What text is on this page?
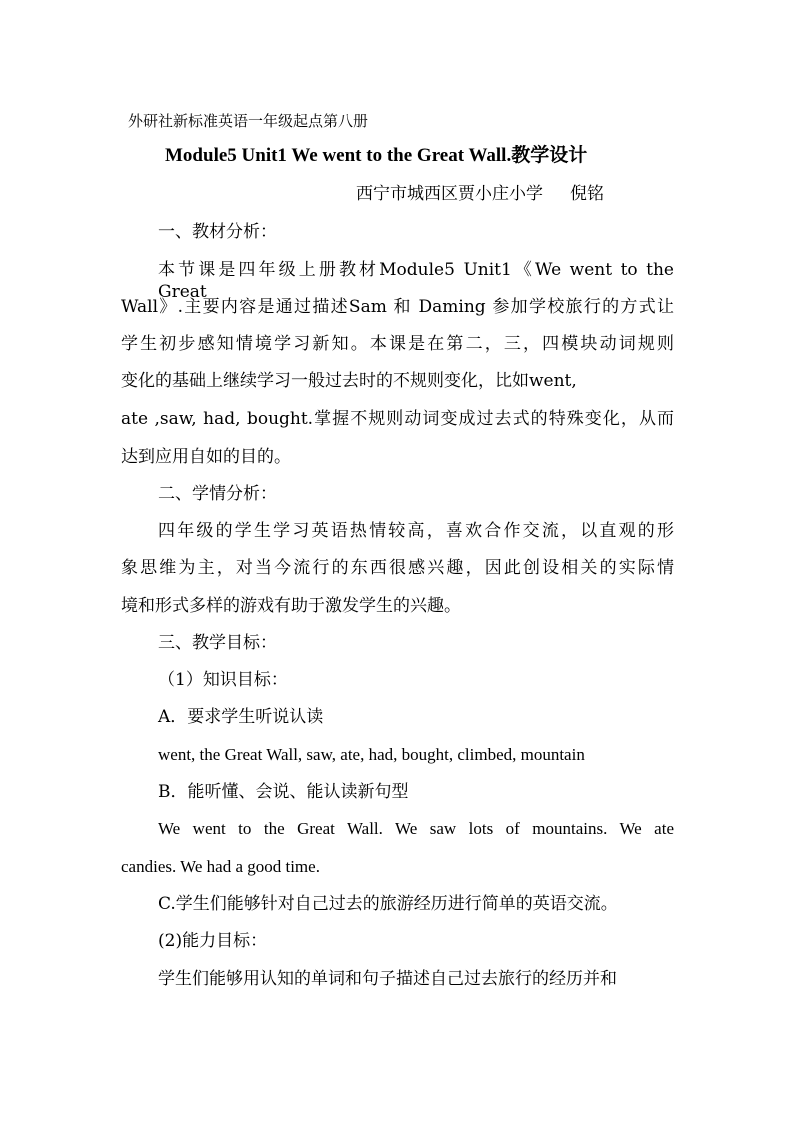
外研社新标准英语一年级起点第八册
Module5 Unit1 We went to the Great Wall.教学设计
西宁市城西区贾小庄小学     倪铭
一、教材分析：
本节课是四年级上册教材Module5 Unit1《We went to the Great
Wall》.主要内容是通过描述Sam 和 Daming 参加学校旅行的方式让
学生初步感知情境学习新知。本课是在第二，三，四模块动词规则
变化的基础上继续学习一般过去时的不规则变化，比如went,
ate ,saw, had, bought.掌握不规则动词变成过去式的特殊变化，从而
达到应用自如的目的。
二、学情分析：
四年级的学生学习英语热情较高，喜欢合作交流，以直观的形
象思维为主，对当今流行的东西很感兴趣，因此创设相关的实际情
境和形式多样的游戏有助于激发学生的兴趣。
三、教学目标：
（1）知识目标：
A．要求学生听说认读
went, the Great Wall, saw, ate, had, bought, climbed, mountain
B．能听懂、会说、能认读新句型
We went to the Great Wall. We saw lots of mountains. We ate
candies. We had a good time.
C.学生们能够针对自己过去的旅游经历进行简单的英语交流。
(2)能力目标：
学生们能够用认知的单词和句子描述自己过去旅行的经历并和
